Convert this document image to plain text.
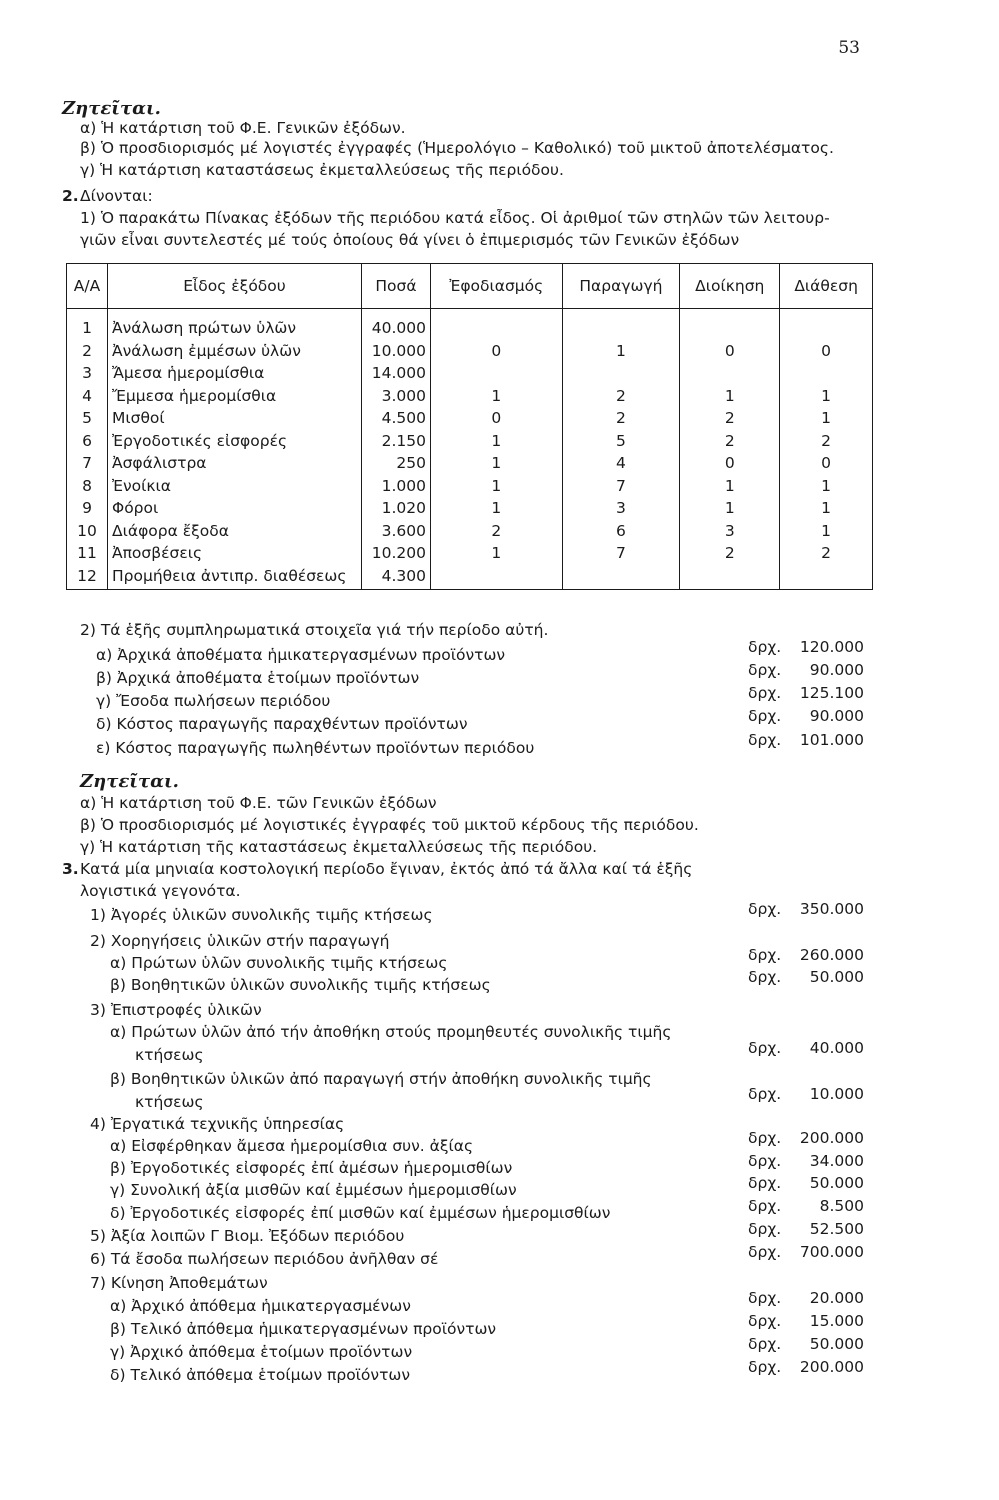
53
Ζητεῖται.
α) Ἡ κατάρτιση τοῦ Φ.Ε. Γενικῶν ἐξόδων.
β) Ὁ προσδιορισμός μέ λογιστές ἐγγραφές (Ἡμερολόγιο – Καθολικό) τοῦ μικτοῦ ἀποτελέσματος.
γ) Ἡ κατάρτιση καταστάσεως ἐκμεταλλεύσεως τῆς περιόδου.
2. Δίνονται:
1) Ὁ παρακάτω Πίνακας ἐξόδων τῆς περιόδου κατά εἶδος. Οἱ ἀριθμοί τῶν στηλῶν τῶν λειτουρ-
γιῶν εἶναι συντελεστές μέ τούς ὁποίους θά γίνει ὁ ἐπιμερισμός τῶν Γενικῶν ἐξόδων
Α/Α	Εἶδος ἐξόδου	Ποσά	Ἐφοδιασμός	Παραγωγή	Διοίκηση	Διάθεση
1	Ἀνάλωση πρώτων ὑλῶν	40.000				
2	Ἀνάλωση ἐμμέσων ὑλῶν	10.000	0	1	0	0
3	Ἄμεσα ἡμερομίσθια	14.000				
4	Ἔμμεσα ἡμερομίσθια	3.000	1	2	1	1
5	Μισθοί	4.500	0	2	2	1
6	Ἐργοδοτικές εἰσφορές	2.150	1	5	2	2
7	Ἀσφάλιστρα	250	1	4	0	0
8	Ἐνοίκια	1.000	1	7	1	1
9	Φόροι	1.020	1	3	1	1
10	Διάφορα ἔξοδα	3.600	2	6	3	1
11	Ἀποσβέσεις	10.200	1	7	2	2
12	Προμήθεια ἀντιπρ. διαθέσεως	4.300				
2) Τά ἑξῆς συμπληρωματικά στοιχεῖα γιά τήν περίοδο αὐτή.
α) Ἀρχικά ἀποθέματα ἡμικατεργασμένων προϊόντων	δρχ. 120.000
β) Ἀρχικά ἀποθέματα ἑτοίμων προϊόντων	δρχ. 90.000
γ) Ἔσοδα πωλήσεων περιόδου	δρχ. 125.100
δ) Κόστος παραγωγῆς παραχθέντων προϊόντων	δρχ. 90.000
ε) Κόστος παραγωγῆς πωληθέντων προϊόντων περιόδου	δρχ. 101.000
Ζητεῖται.
α) Ἡ κατάρτιση τοῦ Φ.Ε. τῶν Γενικῶν ἐξόδων
β) Ὁ προσδιορισμός μέ λογιστικές ἐγγραφές τοῦ μικτοῦ κέρδους τῆς περιόδου.
γ) Ἡ κατάρτιση τῆς καταστάσεως ἐκμεταλλεύσεως τῆς περιόδου.
3. Κατά μία μηνιαία κοστολογική περίοδο ἔγιναν, ἐκτός ἀπό τά ἄλλα καί τά ἑξῆς
λογιστικά γεγονότα.
1) Ἀγορές ὑλικῶν συνολικῆς τιμῆς κτήσεως	δρχ. 350.000
2) Χορηγήσεις ὑλικῶν στήν παραγωγή
α) Πρώτων ὑλῶν συνολικῆς τιμῆς κτήσεως	δρχ. 260.000
β) Βοηθητικῶν ὑλικῶν συνολικῆς τιμῆς κτήσεως	δρχ. 50.000
3) Ἐπιστροφές ὑλικῶν
α) Πρώτων ὑλῶν ἀπό τήν ἀποθήκη στούς προμηθευτές συνολικῆς τιμῆς
κτήσεως	δρχ. 40.000
β) Βοηθητικῶν ὑλικῶν ἀπό παραγωγή στήν ἀποθήκη συνολικῆς τιμῆς
κτήσεως	δρχ. 10.000
4) Ἐργατικά τεχνικῆς ὑπηρεσίας
α) Εἰσφέρθηκαν ἄμεσα ἡμερομίσθια συν. ἀξίας	δρχ. 200.000
β) Ἐργοδοτικές εἰσφορές ἐπί ἀμέσων ἡμερομισθίων	δρχ. 34.000
γ) Συνολική ἀξία μισθῶν καί ἐμμέσων ἡμερομισθίων	δρχ. 50.000
δ) Ἐργοδοτικές εἰσφορές ἐπί μισθῶν καί ἐμμέσων ἡμερομισθίων	δρχ. 8.500
5) Ἀξία λοιπῶν Γ Βιομ. Ἐξόδων περιόδου	δρχ. 52.500
6) Τά ἔσοδα πωλήσεων περιόδου ἀνῆλθαν σέ	δρχ. 700.000
7) Κίνηση Ἀποθεμάτων
α) Ἀρχικό ἀπόθεμα ἡμικατεργασμένων	δρχ. 20.000
β) Τελικό ἀπόθεμα ἡμικατεργασμένων προϊόντων	δρχ. 15.000
γ) Ἀρχικό ἀπόθεμα ἑτοίμων προϊόντων	δρχ. 50.000
δ) Τελικό ἀπόθεμα ἑτοίμων προϊόντων	δρχ. 200.000
